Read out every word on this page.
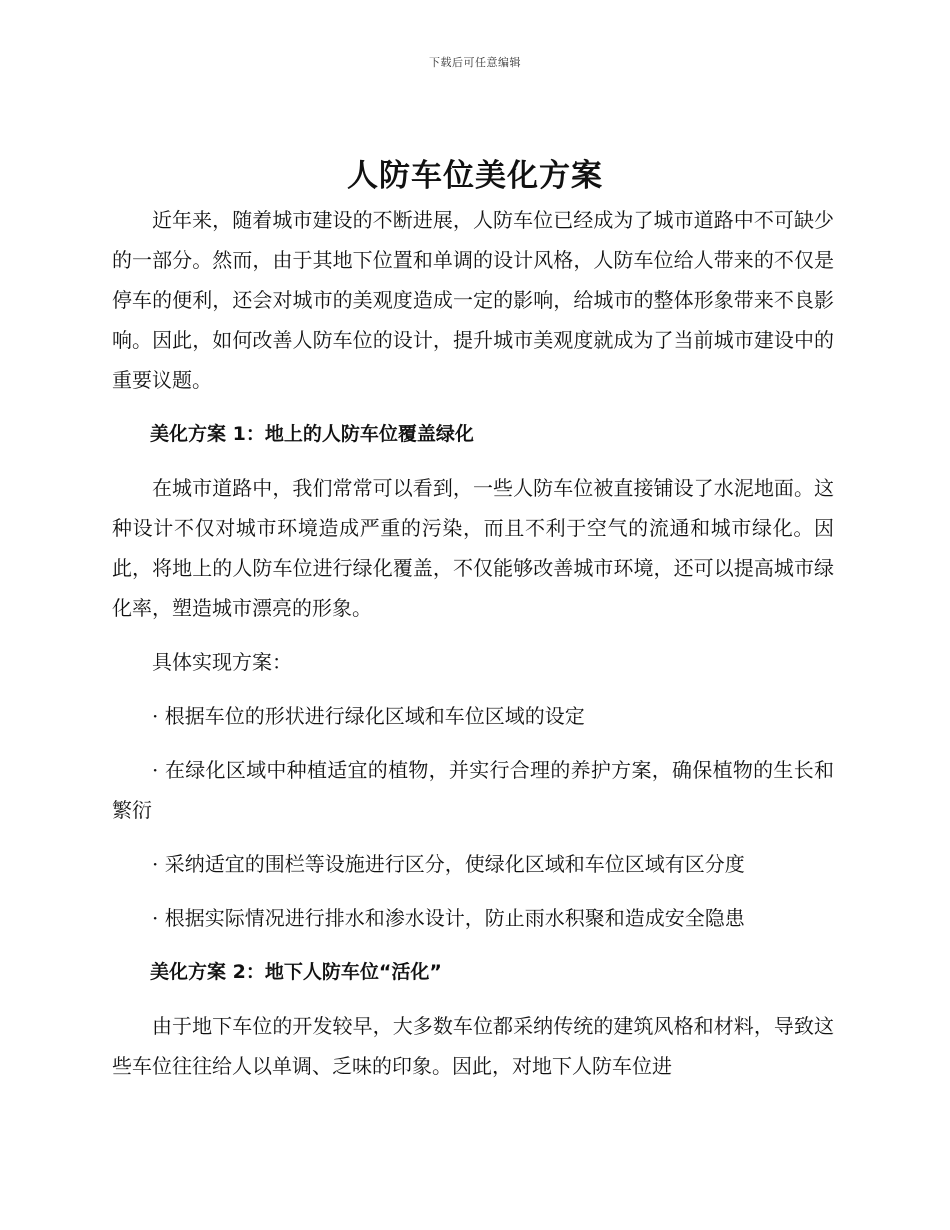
下载后可任意编辑
人防车位美化方案

近年来，随着城市建设的不断进展，人防车位已经成为了城市道路中不可缺少的一部分。然而，由于其地下位置和单调的设计风格，人防车位给人带来的不仅是停车的便利，还会对城市的美观度造成一定的影响，给城市的整体形象带来不良影响。因此，如何改善人防车位的设计，提升城市美观度就成为了当前城市建设中的重要议题。

美化方案 1：地上的人防车位覆盖绿化

在城市道路中，我们常常可以看到，一些人防车位被直接铺设了水泥地面。这种设计不仅对城市环境造成严重的污染，而且不利于空气的流通和城市绿化。因此，将地上的人防车位进行绿化覆盖，不仅能够改善城市环境，还可以提高城市绿化率，塑造城市漂亮的形象。

具体实现方案：

· 根据车位的形状进行绿化区域和车位区域的设定

· 在绿化区域中种植适宜的植物，并实行合理的养护方案，确保植物的生长和繁衍

· 采纳适宜的围栏等设施进行区分，使绿化区域和车位区域有区分度

· 根据实际情况进行排水和渗水设计，防止雨水积聚和造成安全隐患

美化方案 2：地下人防车位“活化”

由于地下车位的开发较早，大多数车位都采纳传统的建筑风格和材料，导致这些车位往往给人以单调、乏味的印象。因此，对地下人防车位进
